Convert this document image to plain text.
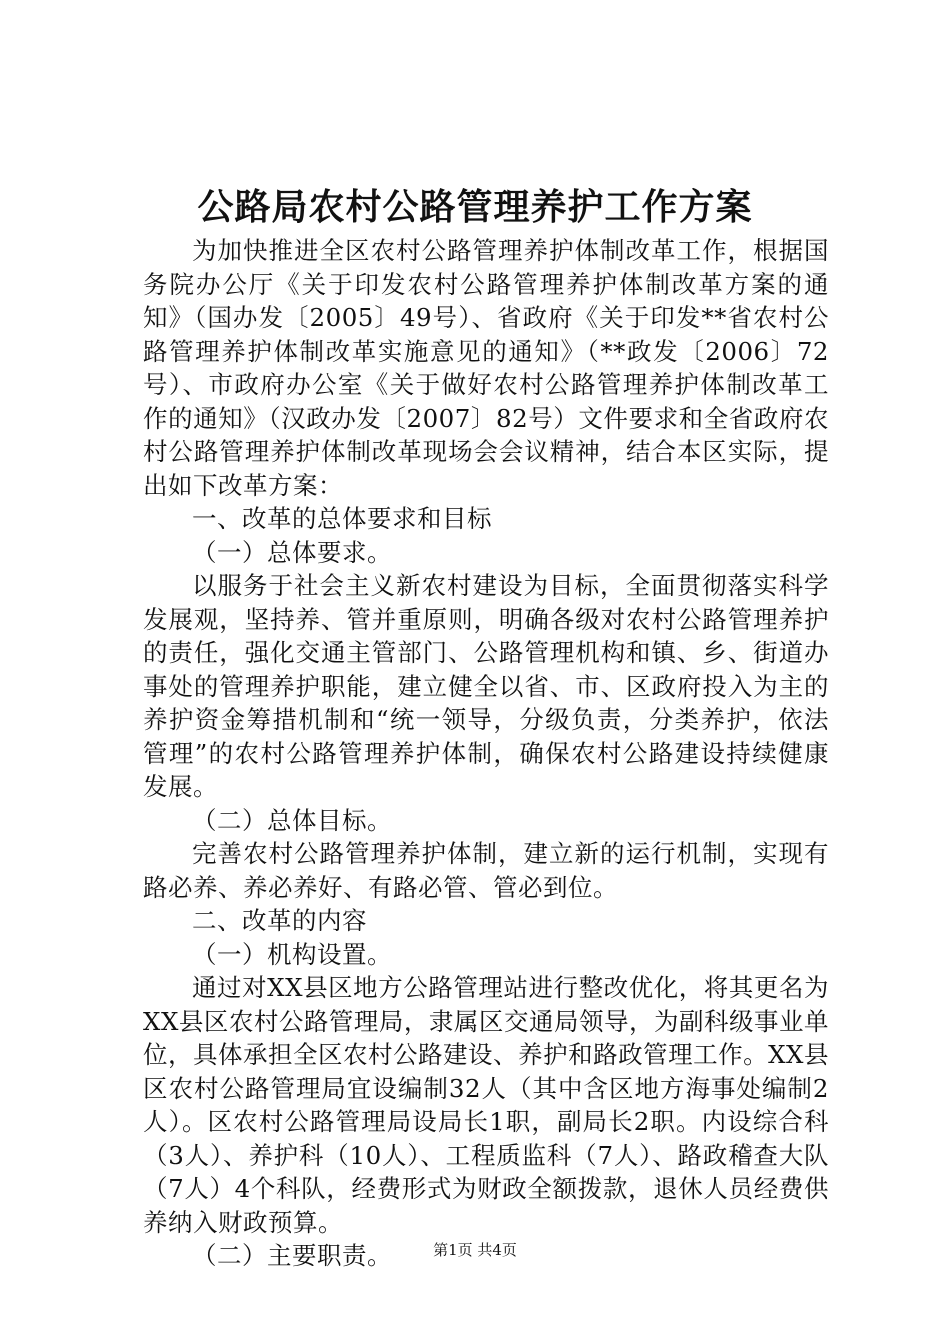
公路局农村公路管理养护工作方案

为加快推进全区农村公路管理养护体制改革工作，根据国务院办公厅《关于印发农村公路管理养护体制改革方案的通知》（国办发〔2005〕49号）、省政府《关于印发**省农村公路管理养护体制改革实施意见的通知》（**政发〔2006〕72号）、市政府办公室《关于做好农村公路管理养护体制改革工作的通知》（汉政办发〔2007〕82号）文件要求和全省政府农村公路管理养护体制改革现场会会议精神，结合本区实际，提出如下改革方案：

一、改革的总体要求和目标

（一）总体要求。

以服务于社会主义新农村建设为目标，全面贯彻落实科学发展观，坚持养、管并重原则，明确各级对农村公路管理养护的责任，强化交通主管部门、公路管理机构和镇、乡、街道办事处的管理养护职能，建立健全以省、市、区政府投入为主的养护资金筹措机制和“统一领导，分级负责，分类养护，依法管理”的农村公路管理养护体制，确保农村公路建设持续健康发展。

（二）总体目标。

完善农村公路管理养护体制，建立新的运行机制，实现有路必养、养必养好、有路必管、管必到位。

二、改革的内容

（一）机构设置。

通过对XX县区地方公路管理站进行整改优化，将其更名为XX县区农村公路管理局，隶属区交通局领导，为副科级事业单位，具体承担全区农村公路建设、养护和路政管理工作。XX县区农村公路管理局宜设编制32人（其中含区地方海事处编制2人）。区农村公路管理局设局长1职，副局长2职。内设综合科（3人）、养护科（10人）、工程质监科（7人）、路政稽查大队（7人）4个科队，经费形式为财政全额拨款，退休人员经费供养纳入财政预算。

（二）主要职责。	第1页 共4页
